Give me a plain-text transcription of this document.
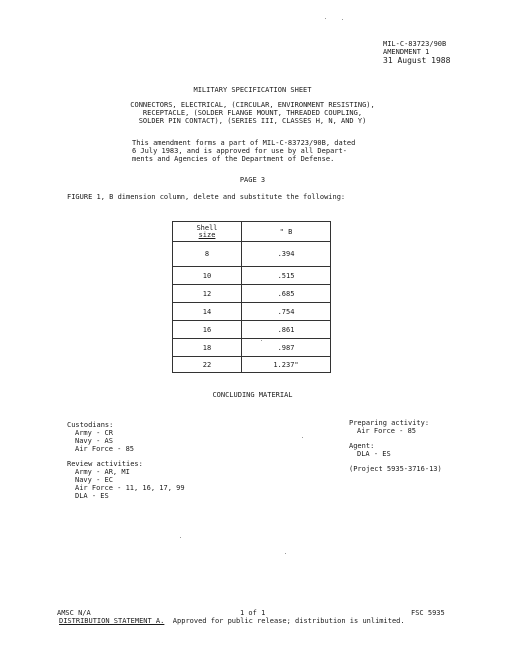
MIL-C-83723/90B
AMENDMENT 1
31 August 1988
MILITARY SPECIFICATION SHEET
CONNECTORS, ELECTRICAL, (CIRCULAR, ENVIRONMENT RESISTING),
RECEPTACLE, (SOLDER FLANGE MOUNT, THREADED COUPLING,
SOLDER PIN CONTACT), (SERIES III, CLASSES H, N, AND Y)
This amendment forms a part of MIL-C-83723/90B, dated
6 July 1983, and is approved for use by all Depart-
ments and Agencies of the Department of Defense.
PAGE 3
FIGURE 1, B dimension column, delete and substitute the following:
Shell
size	" B
8	.394
10	.515
12	.685
14	.754
16	.861
18	.987
22	1.237"
CONCLUDING MATERIAL
Custodians:
Army - CR
Navy - AS
Air Force - 85
Review activities:
Army - AR, MI
Navy - EC
Air Force - 11, 16, 17, 99
DLA - ES
Preparing activity:
Air Force - 85
Agent:
DLA - ES
(Project 5935-3716-13)
AMSC N/A	1 of 1	FSC 5935
DISTRIBUTION STATEMENT A. Approved for public release; distribution is unlimited.
